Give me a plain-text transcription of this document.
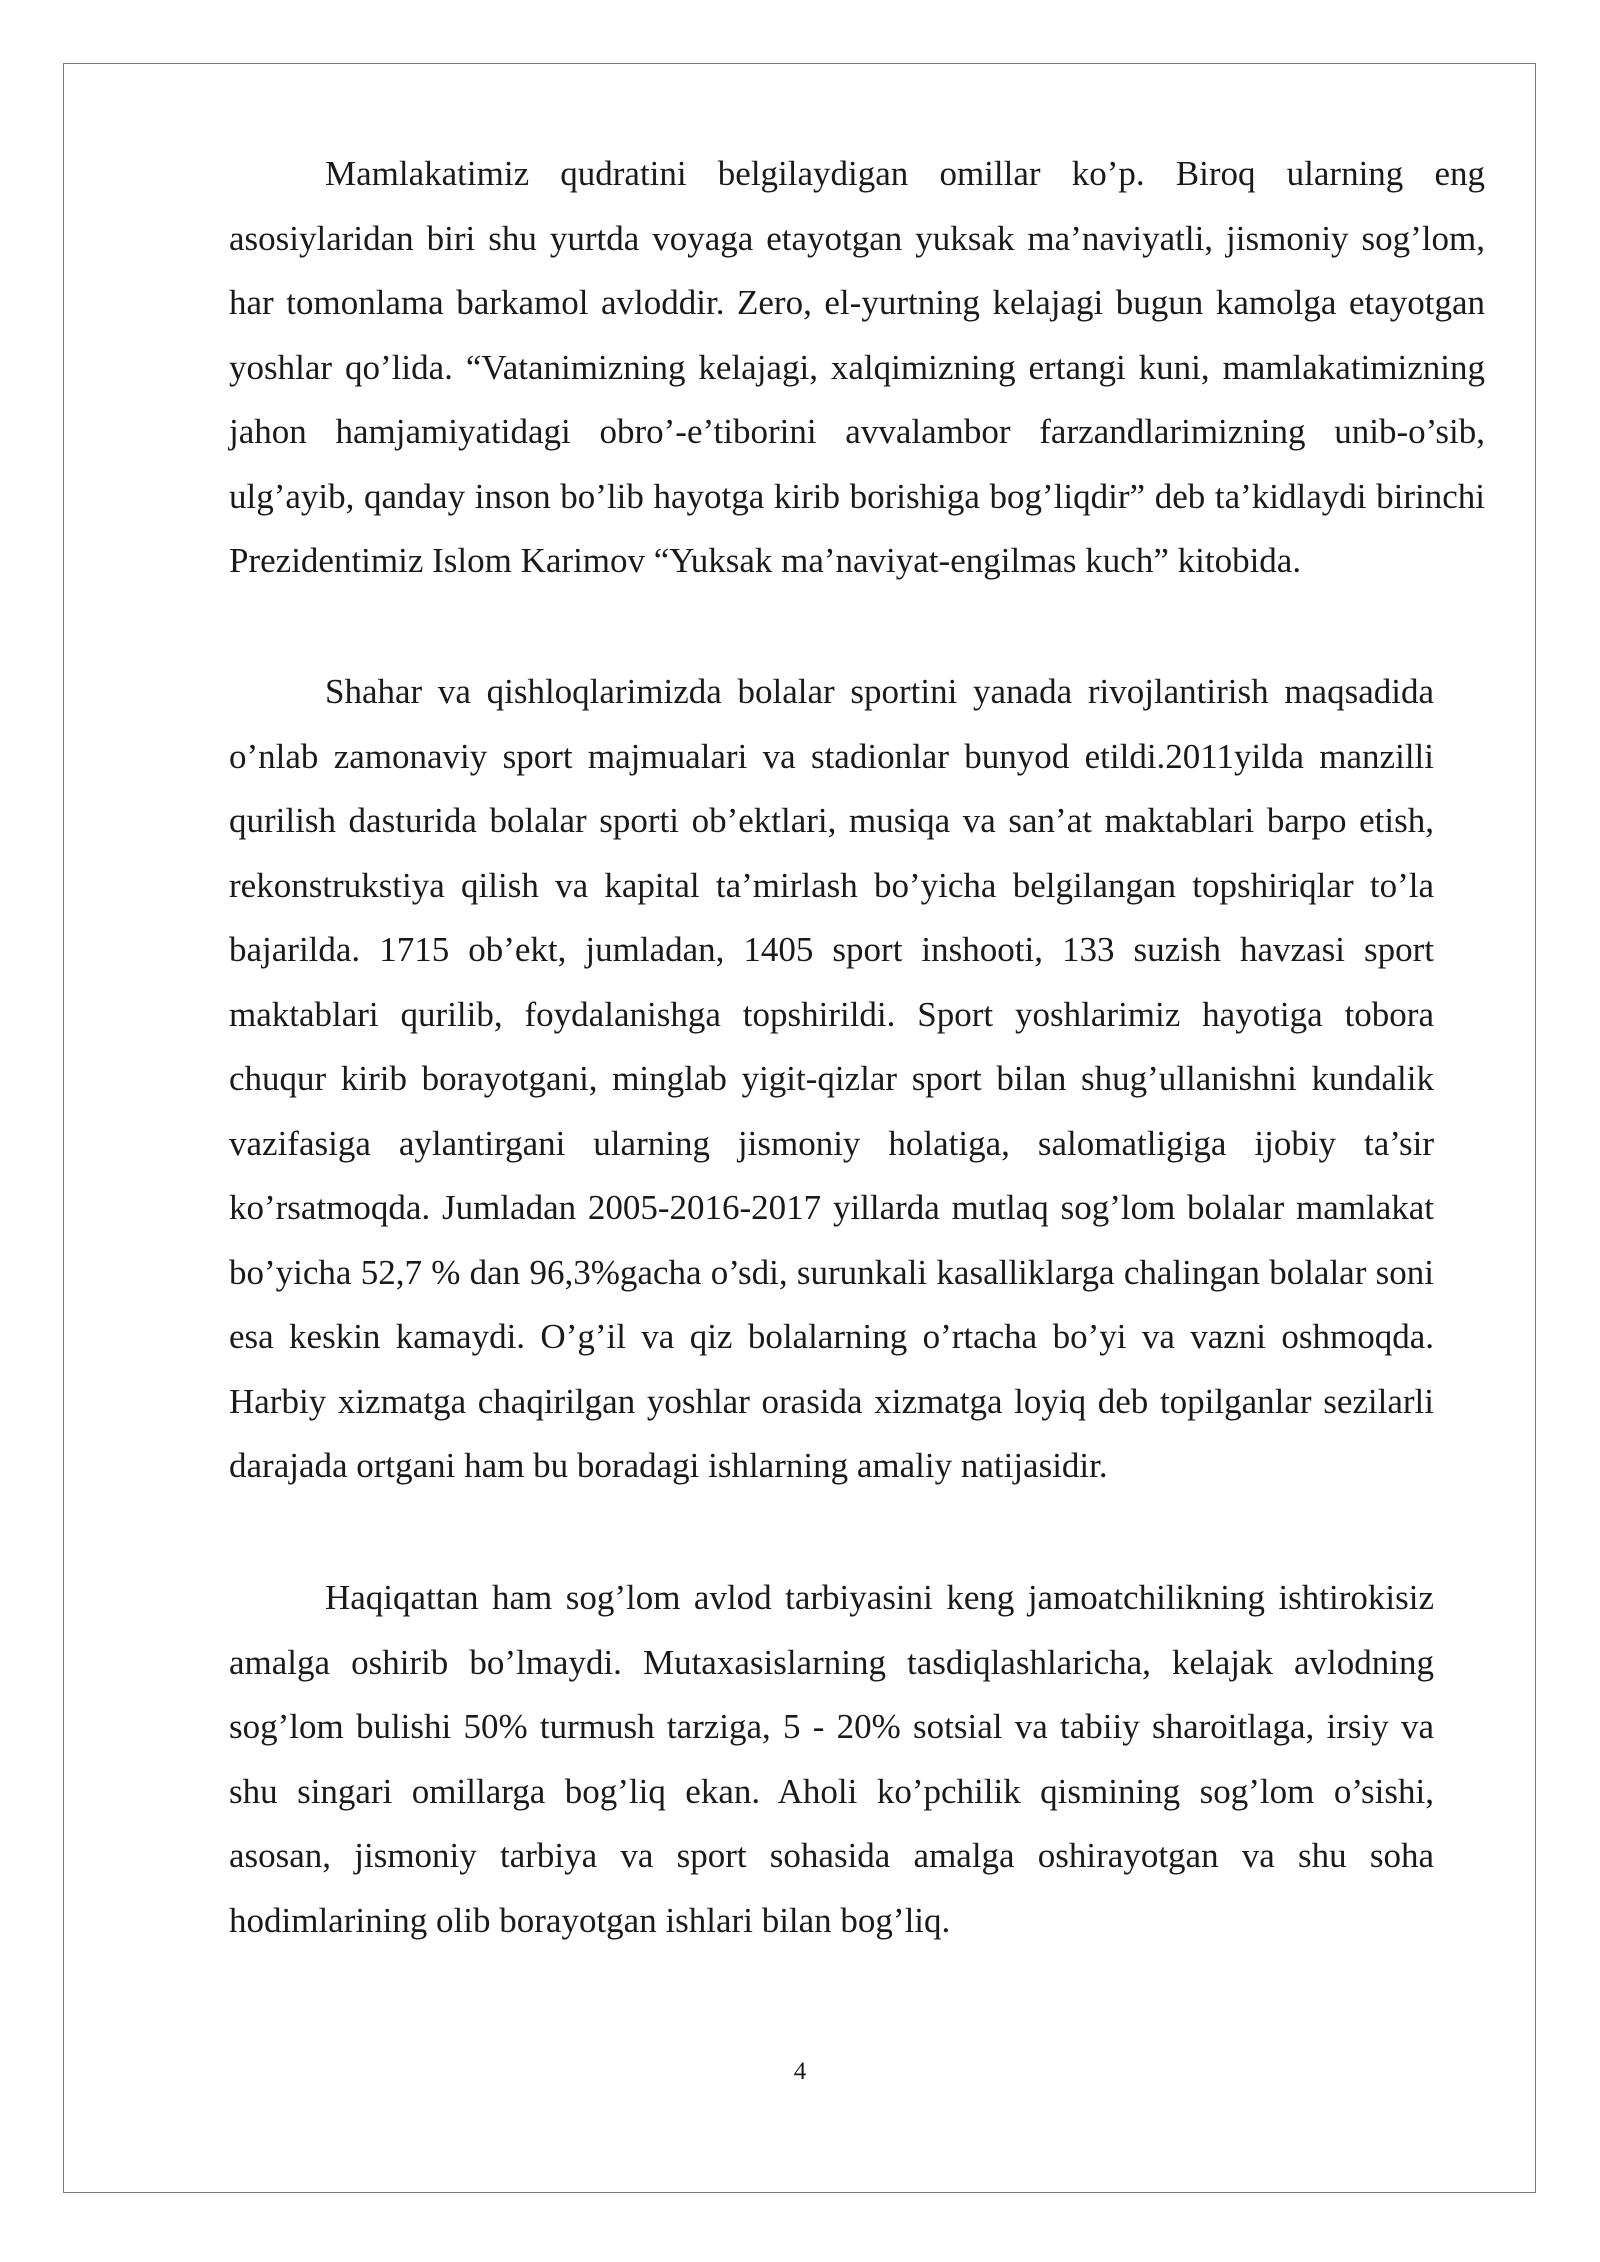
Mamlakatimiz qudratini belgilaydigan omillar ko’p. Biroq ularning eng asosiylaridan biri shu yurtda voyaga etayotgan yuksak ma’naviyatli, jismoniy sog’lom, har tomonlama barkamol avloddir. Zero, el-yurtning kelajagi bugun kamolga etayotgan yoshlar qo’lida. “Vatanimizning kelajagi, xalqimizning ertangi kuni, mamlakatimizning jahon hamjamiyatidagi obro’-e’tiborini avvalambor farzandlarimizning unib-o’sib, ulg’ayib, qanday inson bo’lib hayotga kirib borishiga bog’liqdir” deb ta’kidlaydi birinchi Prezidentimiz Islom Karimov “Yuksak ma’naviyat-engilmas kuch” kitobida.

Shahar va qishloqlarimizda bolalar sportini yanada rivojlantirish maqsadida o’nlab zamonaviy sport majmualari va stadionlar bunyod etildi.2011yilda manzilli qurilish dasturida bolalar sporti ob’ektlari, musiqa va san’at maktablari barpo etish, rekonstrukstiya qilish va kapital ta’mirlash bo’yicha belgilangan topshiriqlar to’la bajarilda. 1715 ob’ekt, jumladan, 1405 sport inshooti, 133 suzish havzasi sport maktablari qurilib, foydalanishga topshirildi. Sport yoshlarimiz hayotiga tobora chuqur kirib borayotgani, minglab yigit-qizlar sport bilan shug’ullanishni kundalik vazifasiga aylantirgani ularning jismoniy holatiga, salomatligiga ijobiy ta’sir ko’rsatmoqda. Jumladan 2005-2016-2017 yillarda mutlaq sog’lom bolalar mamlakat bo’yicha 52,7 % dan 96,3%gacha o’sdi, surunkali kasalliklarga chalingan bolalar soni esa keskin kamaydi. O’g’il va qiz bolalarning o’rtacha bo’yi va vazni oshmoqda. Harbiy xizmatga chaqirilgan yoshlar orasida xizmatga loyiq deb topilganlar sezilarli darajada ortgani ham bu boradagi ishlarning amaliy natijasidir.

Haqiqattan ham sog’lom avlod tarbiyasini keng jamoatchilikning ishtirokisiz amalga oshirib bo’lmaydi. Mutaxasislarning tasdiqlashlaricha, kelajak avlodning sog’lom bulishi 50% turmush tarziga, 5 - 20% sotsial va tabiiy sharoitlaga, irsiy va shu singari omillarga bog’liq ekan. Aholi ko’pchilik qismining sog’lom o’sishi, asosan, jismoniy tarbiya va sport sohasida amalga oshirayotgan va shu soha hodimlarining olib borayotgan ishlari bilan bog’liq.

4
